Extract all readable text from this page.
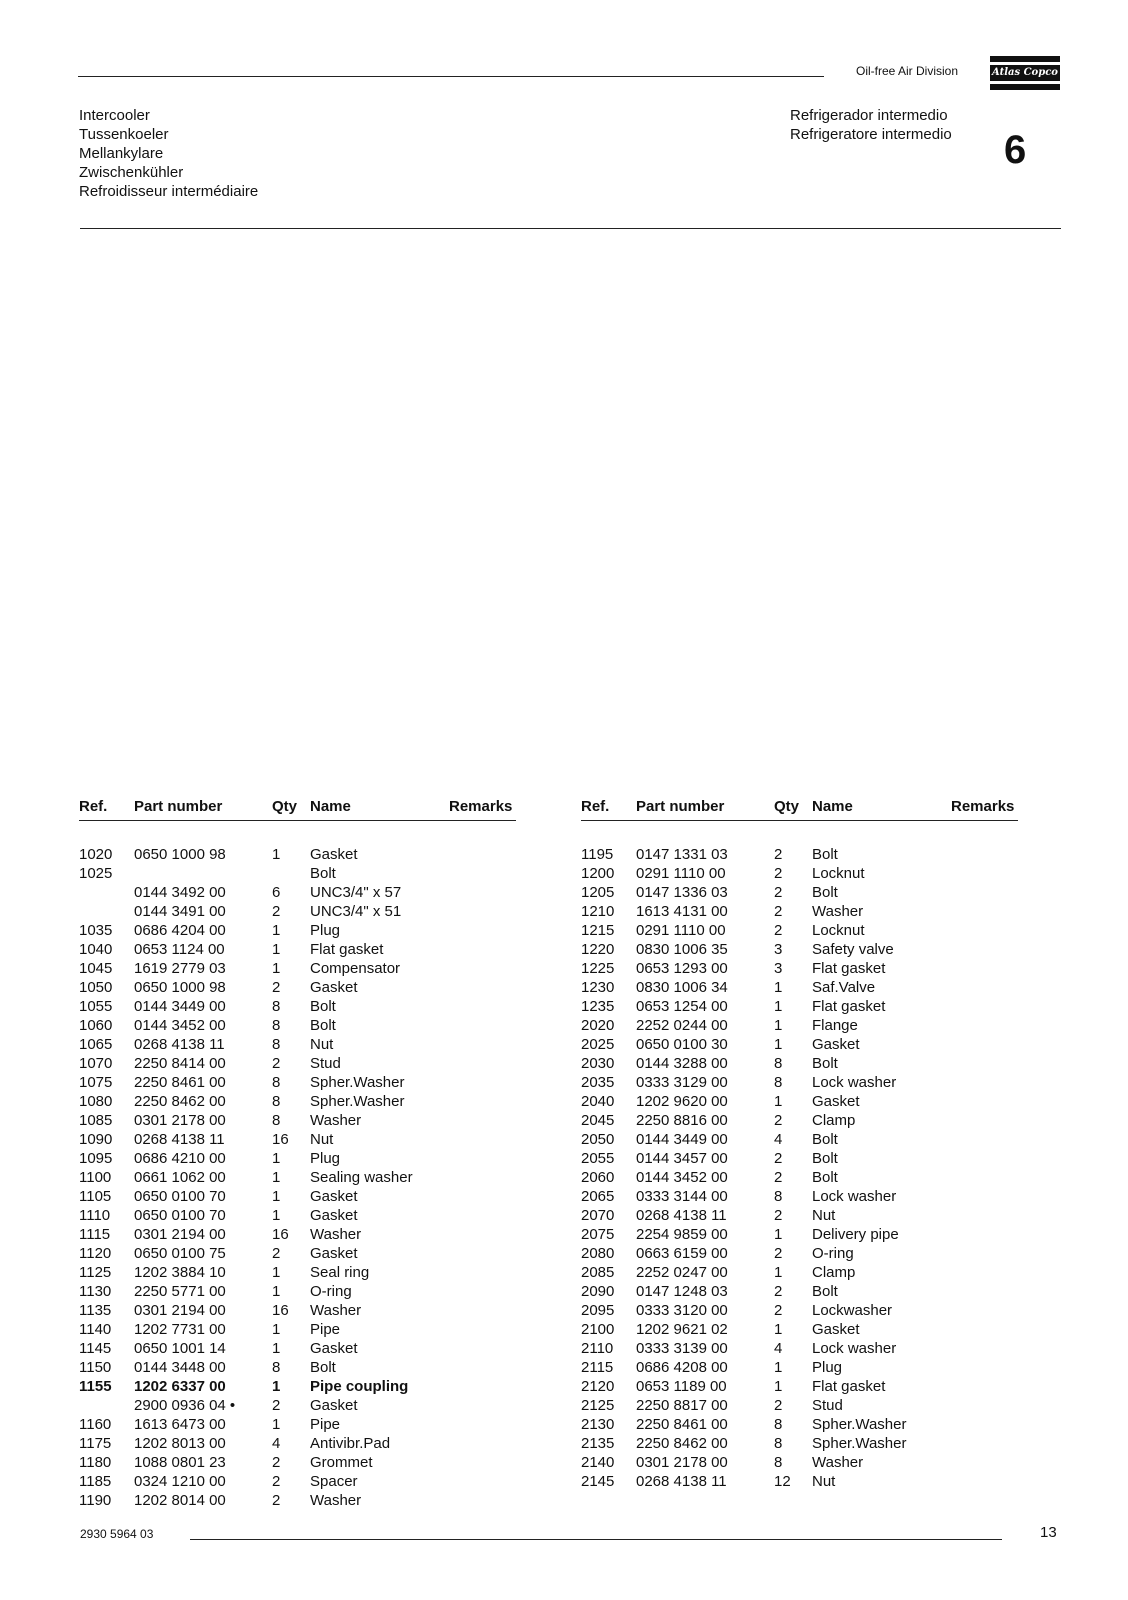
Oil-free Air Division	Atlas Copco
Intercooler
Tussenkoeler
Mellankylare
Zwischenkühler
Refroidisseur intermédiaire
Refrigerador intermedio
Refrigeratore intermedio 6
Ref. Part number	Qty Name	Remarks
1020 0650 1000 98	1 Gasket
1025	Bolt
0144 3492 00	6 UNC3/4" x 57
0144 3491 00	2 UNC3/4" x 51
1035 0686 4204 00	1 Plug
1040 0653 1124 00	1 Flat gasket
1045 1619 2779 03	1 Compensator
1050 0650 1000 98	2 Gasket
1055 0144 3449 00	8 Bolt
1060 0144 3452 00	8 Bolt
1065 0268 4138 11	8 Nut
1070 2250 8414 00	2 Stud
1075 2250 8461 00	8 Spher.Washer
1080 2250 8462 00	8 Spher.Washer
1085 0301 2178 00	8 Washer
1090 0268 4138 11	16 Nut
1095 0686 4210 00	1 Plug
1100 0661 1062 00	1 Sealing washer
1105 0650 0100 70	1 Gasket
1110 0650 0100 70	1 Gasket
1115 0301 2194 00	16 Washer
1120 0650 0100 75	2 Gasket
1125 1202 3884 10	1 Seal ring
1130 2250 5771 00	1 O-ring
1135 0301 2194 00	16 Washer
1140 1202 7731 00	1 Pipe
1145 0650 1001 14	1 Gasket
1150 0144 3448 00	8 Bolt
1155 1202 6337 00	1 Pipe coupling
2900 0936 04 • 2 Gasket
1160 1613 6473 00	1 Pipe
1175 1202 8013 00	4 Antivibr.Pad
1180 1088 0801 23	2 Grommet
1185 0324 1210 00	2 Spacer
1190 1202 8014 00	2 Washer
Ref. Part number	Qty Name	Remarks
1195 0147 1331 03	2 Bolt
1200 0291 1110 00	2 Locknut
1205 0147 1336 03	2 Bolt
1210 1613 4131 00	2 Washer
1215 0291 1110 00	2 Locknut
1220 0830 1006 35	3 Safety valve
1225 0653 1293 00	3 Flat gasket
1230 0830 1006 34	1 Saf.Valve
1235 0653 1254 00	1 Flat gasket
2020 2252 0244 00	1 Flange
2025 0650 0100 30	1 Gasket
2030 0144 3288 00	8 Bolt
2035 0333 3129 00	8 Lock washer
2040 1202 9620 00	1 Gasket
2045 2250 8816 00	2 Clamp
2050 0144 3449 00	4 Bolt
2055 0144 3457 00	2 Bolt
2060 0144 3452 00	2 Bolt
2065 0333 3144 00	8 Lock washer
2070 0268 4138 11	2 Nut
2075 2254 9859 00	1 Delivery pipe
2080 0663 6159 00	2 O-ring
2085 2252 0247 00	1 Clamp
2090 0147 1248 03	2 Bolt
2095 0333 3120 00	2 Lockwasher
2100 1202 9621 02	1 Gasket
2110 0333 3139 00	4 Lock washer
2115 0686 4208 00	1 Plug
2120 0653 1189 00	1 Flat gasket
2125 2250 8817 00	2 Stud
2130 2250 8461 00	8 Spher.Washer
2135 2250 8462 00	8 Spher.Washer
2140 0301 2178 00	8 Washer
2145 0268 4138 11	12 Nut
2930 5964 03	13
